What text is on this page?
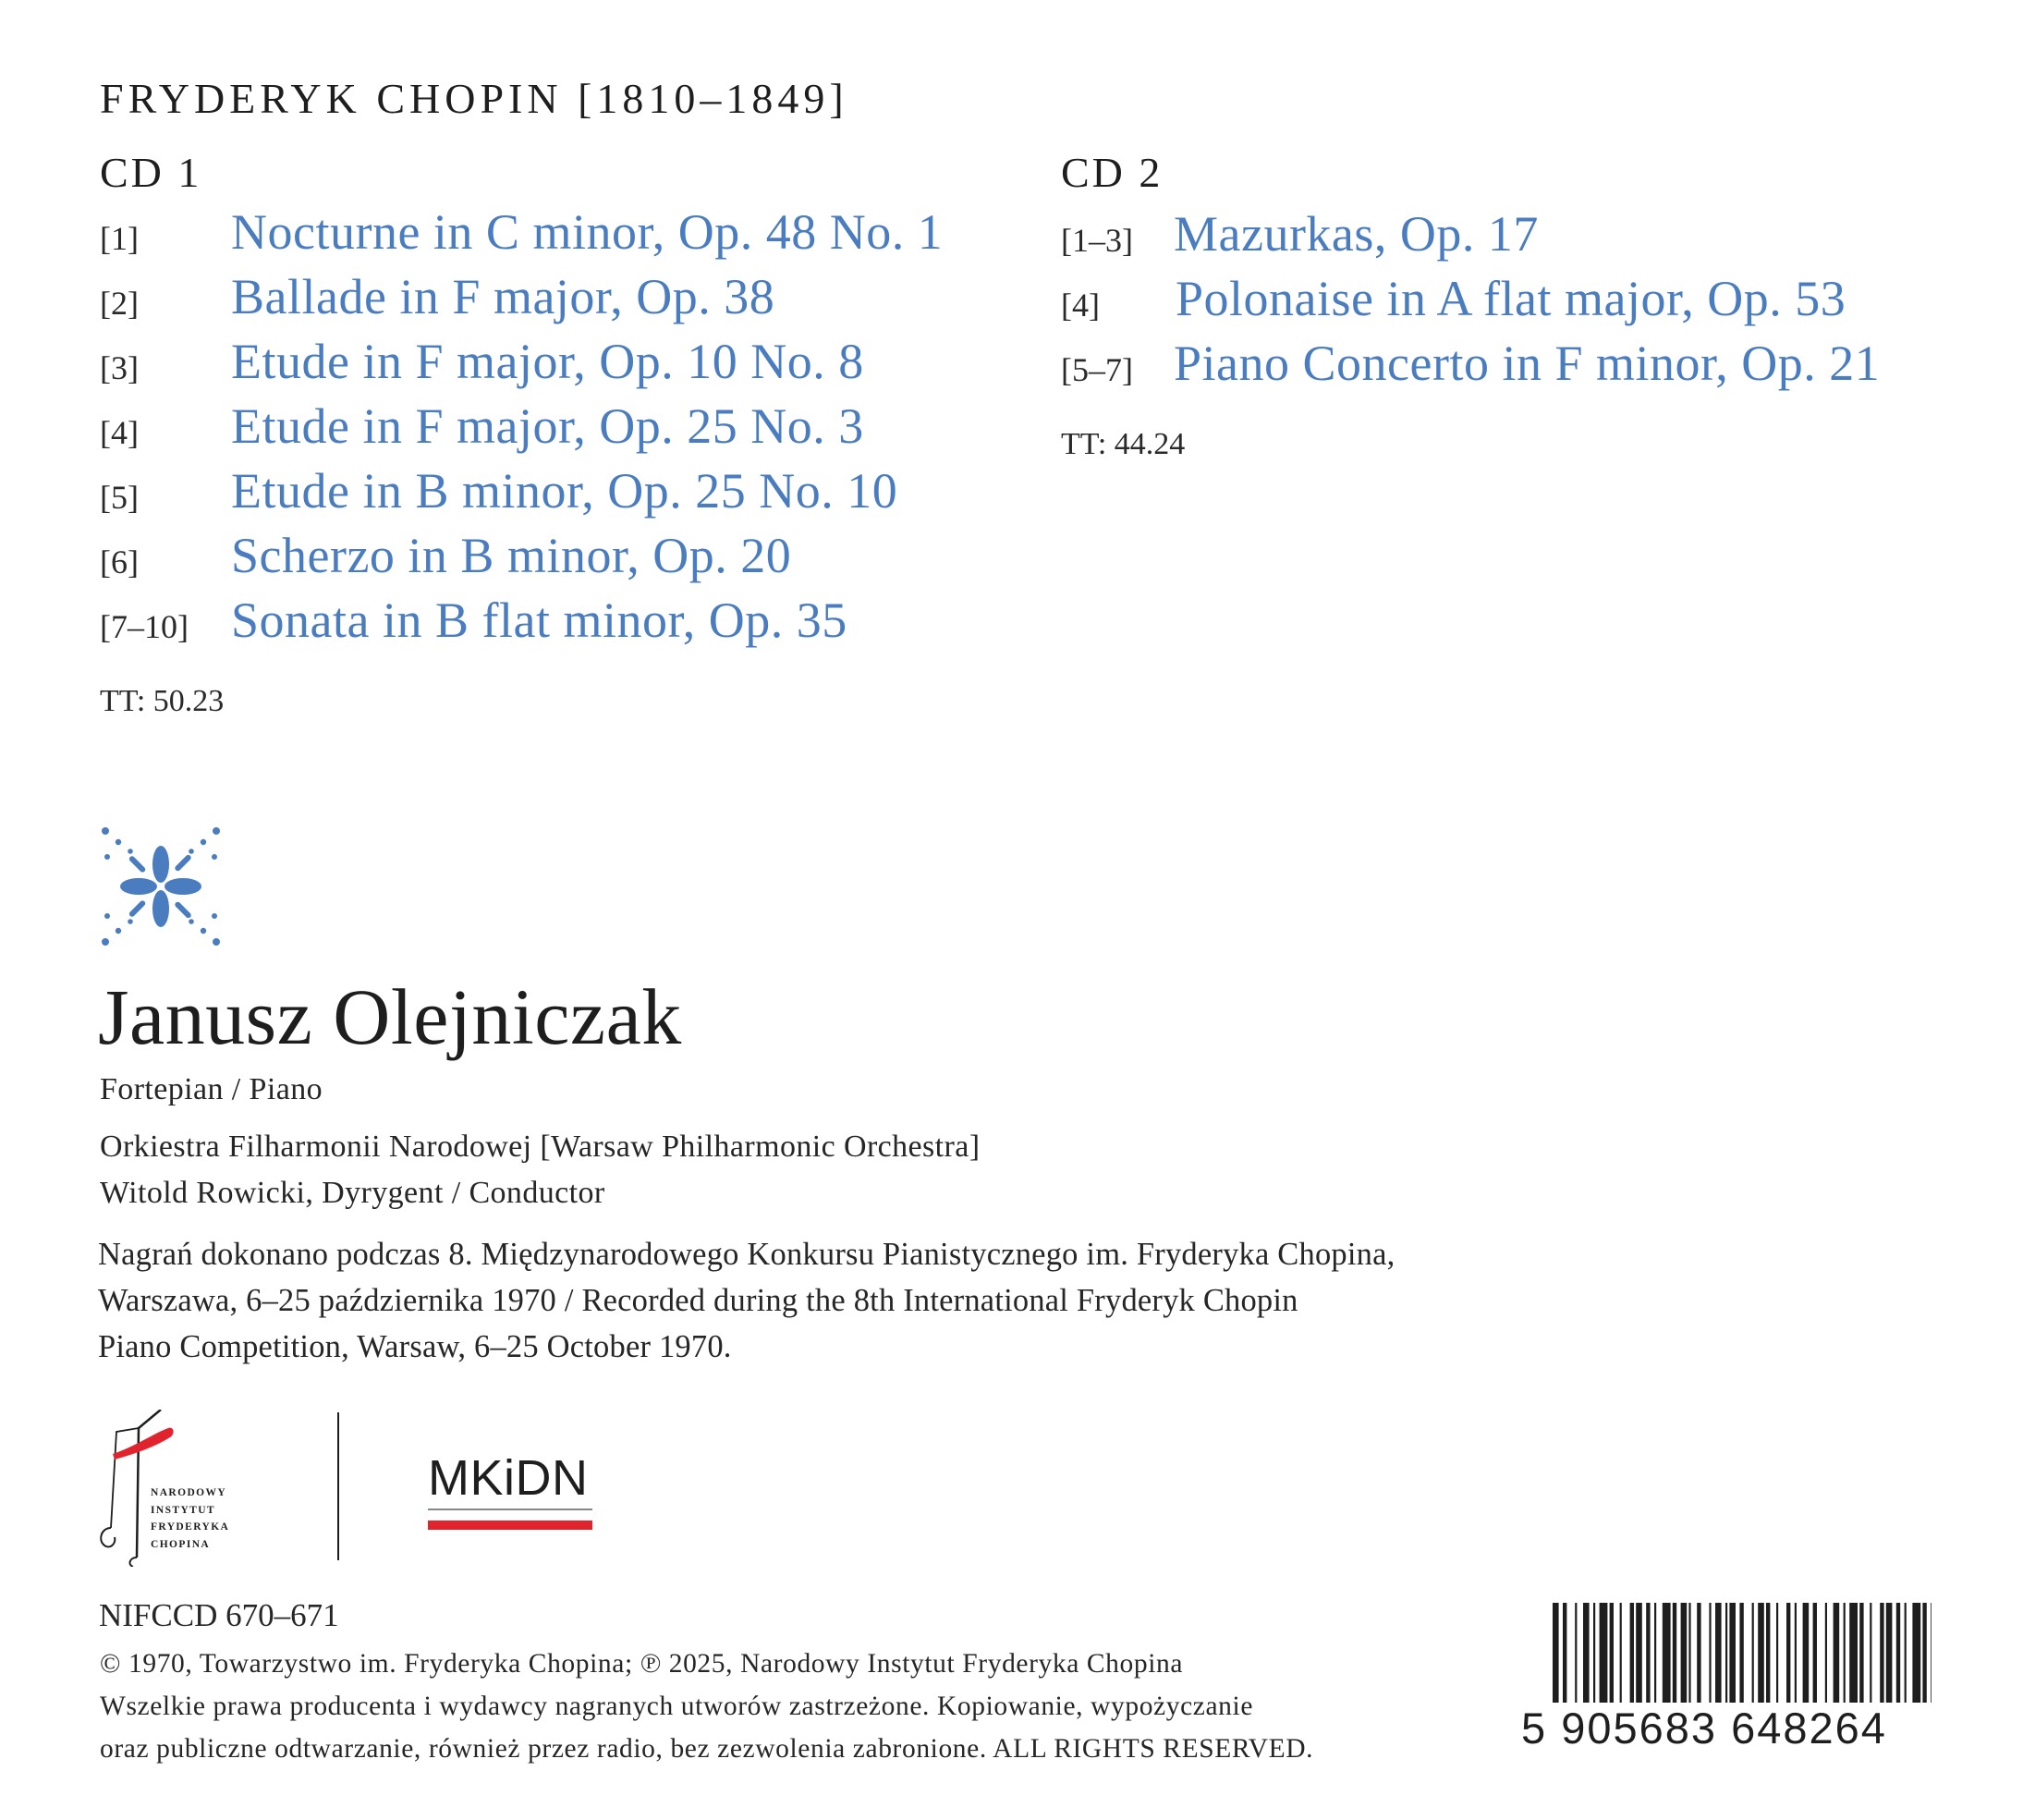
FRYDERYK CHOPIN [1810–1849]
CD 1
[1] Nocturne in C minor, Op. 48 No. 1
[2] Ballade in F major, Op. 38
[3] Etude in F major, Op. 10 No. 8
[4] Etude in F major, Op. 25 No. 3
[5] Etude in B minor, Op. 25 No. 10
[6] Scherzo in B minor, Op. 20
[7–10] Sonata in B flat minor, Op. 35
TT: 50.23
CD 2
[1–3] Mazurkas, Op. 17
[4] Polonaise in A flat major, Op. 53
[5–7] Piano Concerto in F minor, Op. 21
TT: 44.24
Janusz Olejniczak
Fortepian / Piano
Orkiestra Filharmonii Narodowej [Warsaw Philharmonic Orchestra]
Witold Rowicki, Dyrygent / Conductor
Nagrań dokonano podczas 8. Międzynarodowego Konkursu Pianistycznego im. Fryderyka Chopina,
Warszawa, 6–25 października 1970 / Recorded during the 8th International Fryderyk Chopin
Piano Competition, Warsaw, 6–25 October 1970.
NARODOWY
INSTYTUT
FRYDERYKA
CHOPINA
MKiDN
NIFCCD 670–671
© 1970, Towarzystwo im. Fryderyka Chopina; ℗ 2025, Narodowy Instytut Fryderyka Chopina
Wszelkie prawa producenta i wydawcy nagranych utworów zastrzeżone. Kopiowanie, wypożyczanie
oraz publiczne odtwarzanie, również przez radio, bez zezwolenia zabronione. ALL RIGHTS RESERVED.	5 905683 648264
